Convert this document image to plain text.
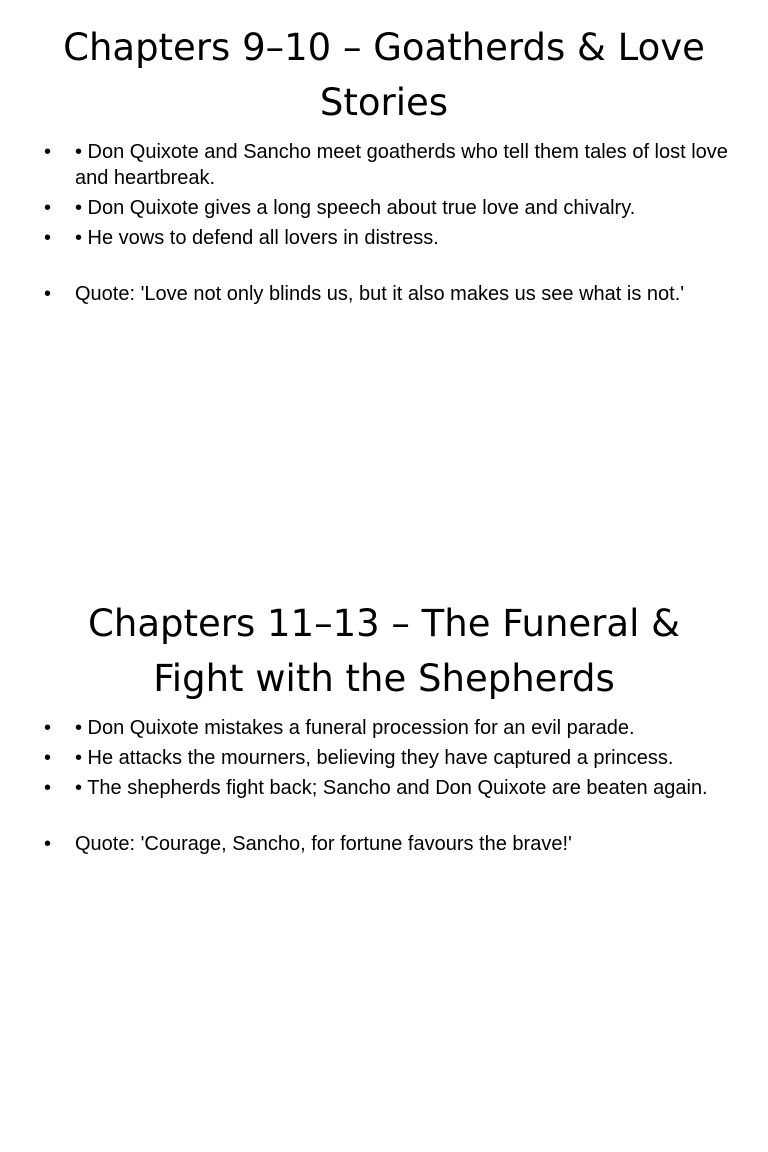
Chapters 9–10 – Goatherds & Love Stories
• • Don Quixote and Sancho meet goatherds who tell them tales of lost love and heartbreak.
• • Don Quixote gives a long speech about true love and chivalry.
• • He vows to defend all lovers in distress.
• Quote: 'Love not only blinds us, but it also makes us see what is not.'
Chapters 11–13 – The Funeral & Fight with the Shepherds
• • Don Quixote mistakes a funeral procession for an evil parade.
• • He attacks the mourners, believing they have captured a princess.
• • The shepherds fight back; Sancho and Don Quixote are beaten again.
• Quote: 'Courage, Sancho, for fortune favours the brave!'
